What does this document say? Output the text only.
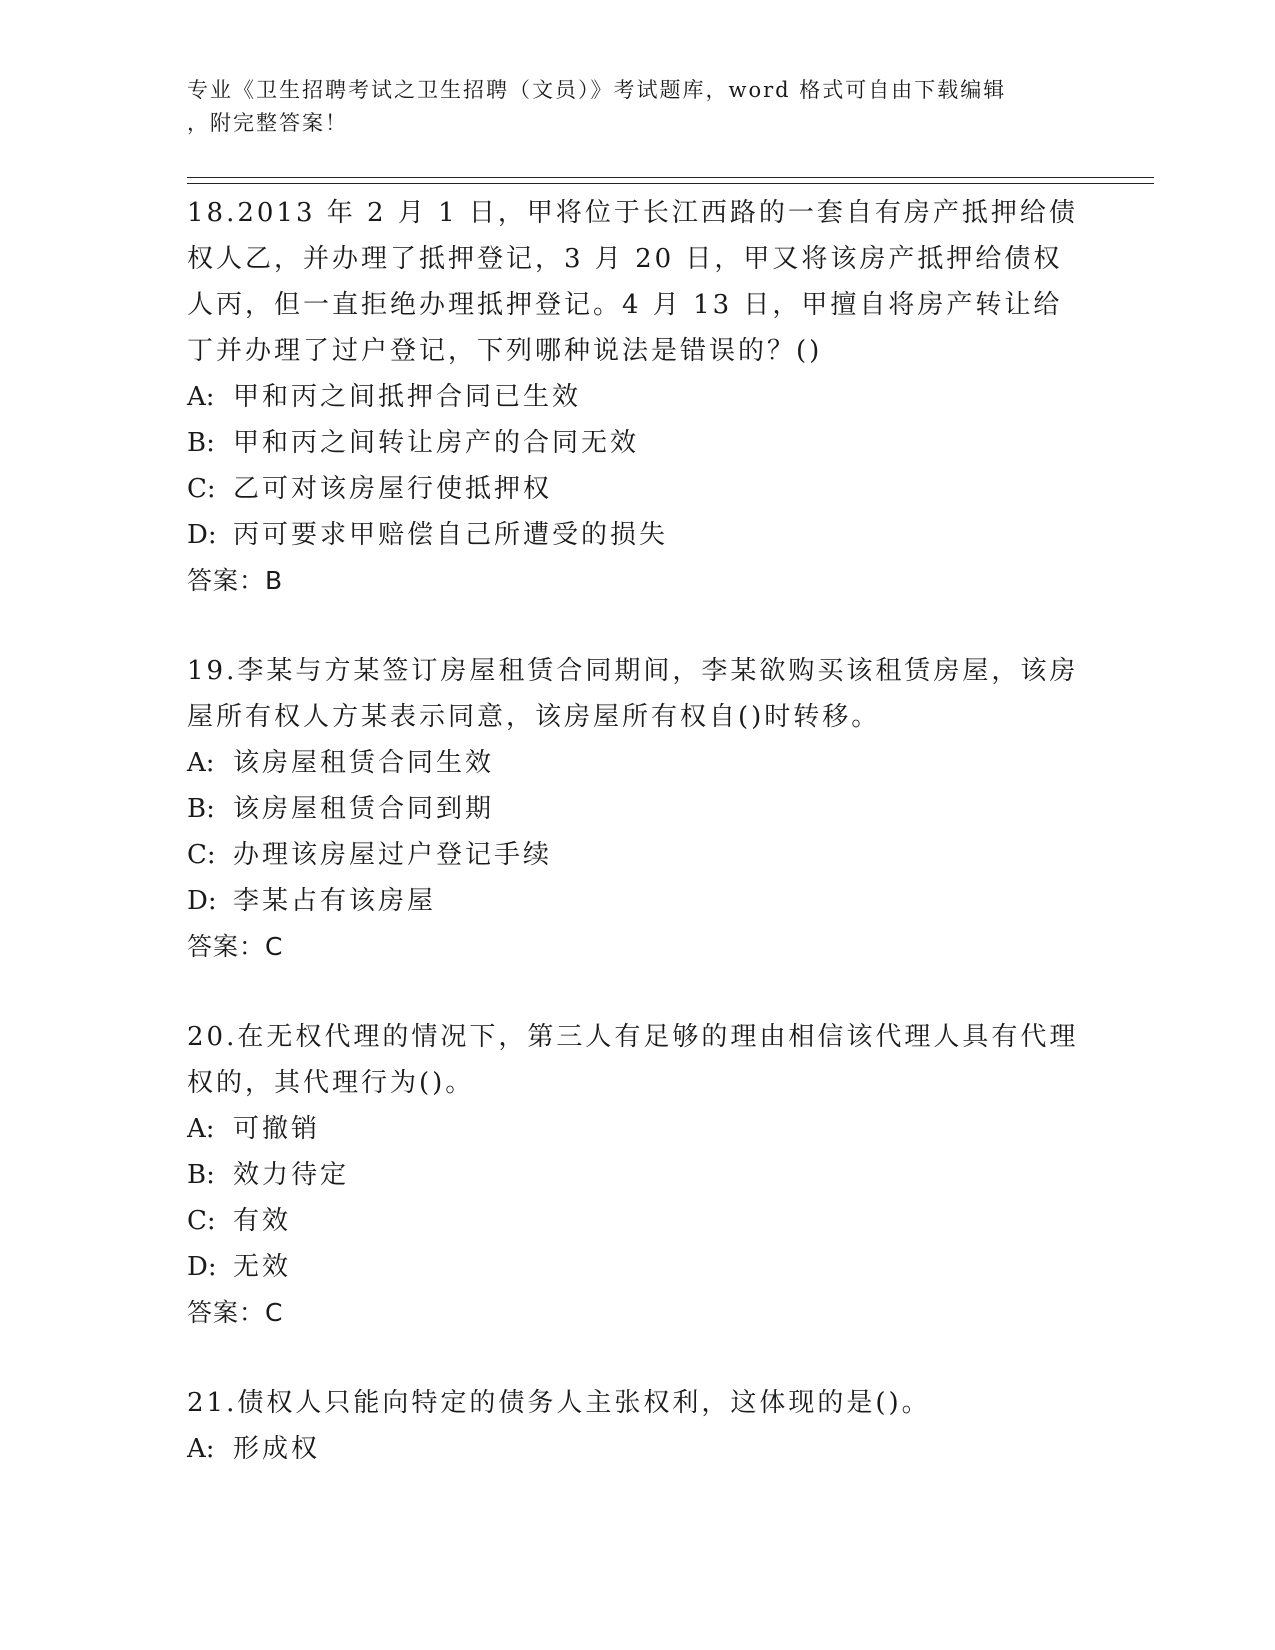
专业《卫生招聘考试之卫生招聘（文员）》考试题库，word 格式可自由下载编辑
，附完整答案！

18.2013 年 2 月 1 日，甲将位于长江西路的一套自有房产抵押给债权人乙，并办理了抵押登记，3 月 20 日，甲又将该房产抵押给债权人丙，但一直拒绝办理抵押登记。4 月 13 日，甲擅自将房产转让给丁并办理了过户登记，下列哪种说法是错误的？()

A: 甲和丙之间抵押合同已生效

B: 甲和丙之间转让房产的合同无效

C: 乙可对该房屋行使抵押权

D: 丙可要求甲赔偿自己所遭受的损失

答案：B

19.李某与方某签订房屋租赁合同期间，李某欲购买该租赁房屋，该房屋所有权人方某表示同意，该房屋所有权自()时转移。

A: 该房屋租赁合同生效

B: 该房屋租赁合同到期

C: 办理该房屋过户登记手续

D: 李某占有该房屋

答案：C

20.在无权代理的情况下，第三人有足够的理由相信该代理人具有代理权的，其代理行为()。

A: 可撤销

B: 效力待定

C: 有效

D: 无效

答案：C

21.债权人只能向特定的债务人主张权利，这体现的是()。

A: 形成权
